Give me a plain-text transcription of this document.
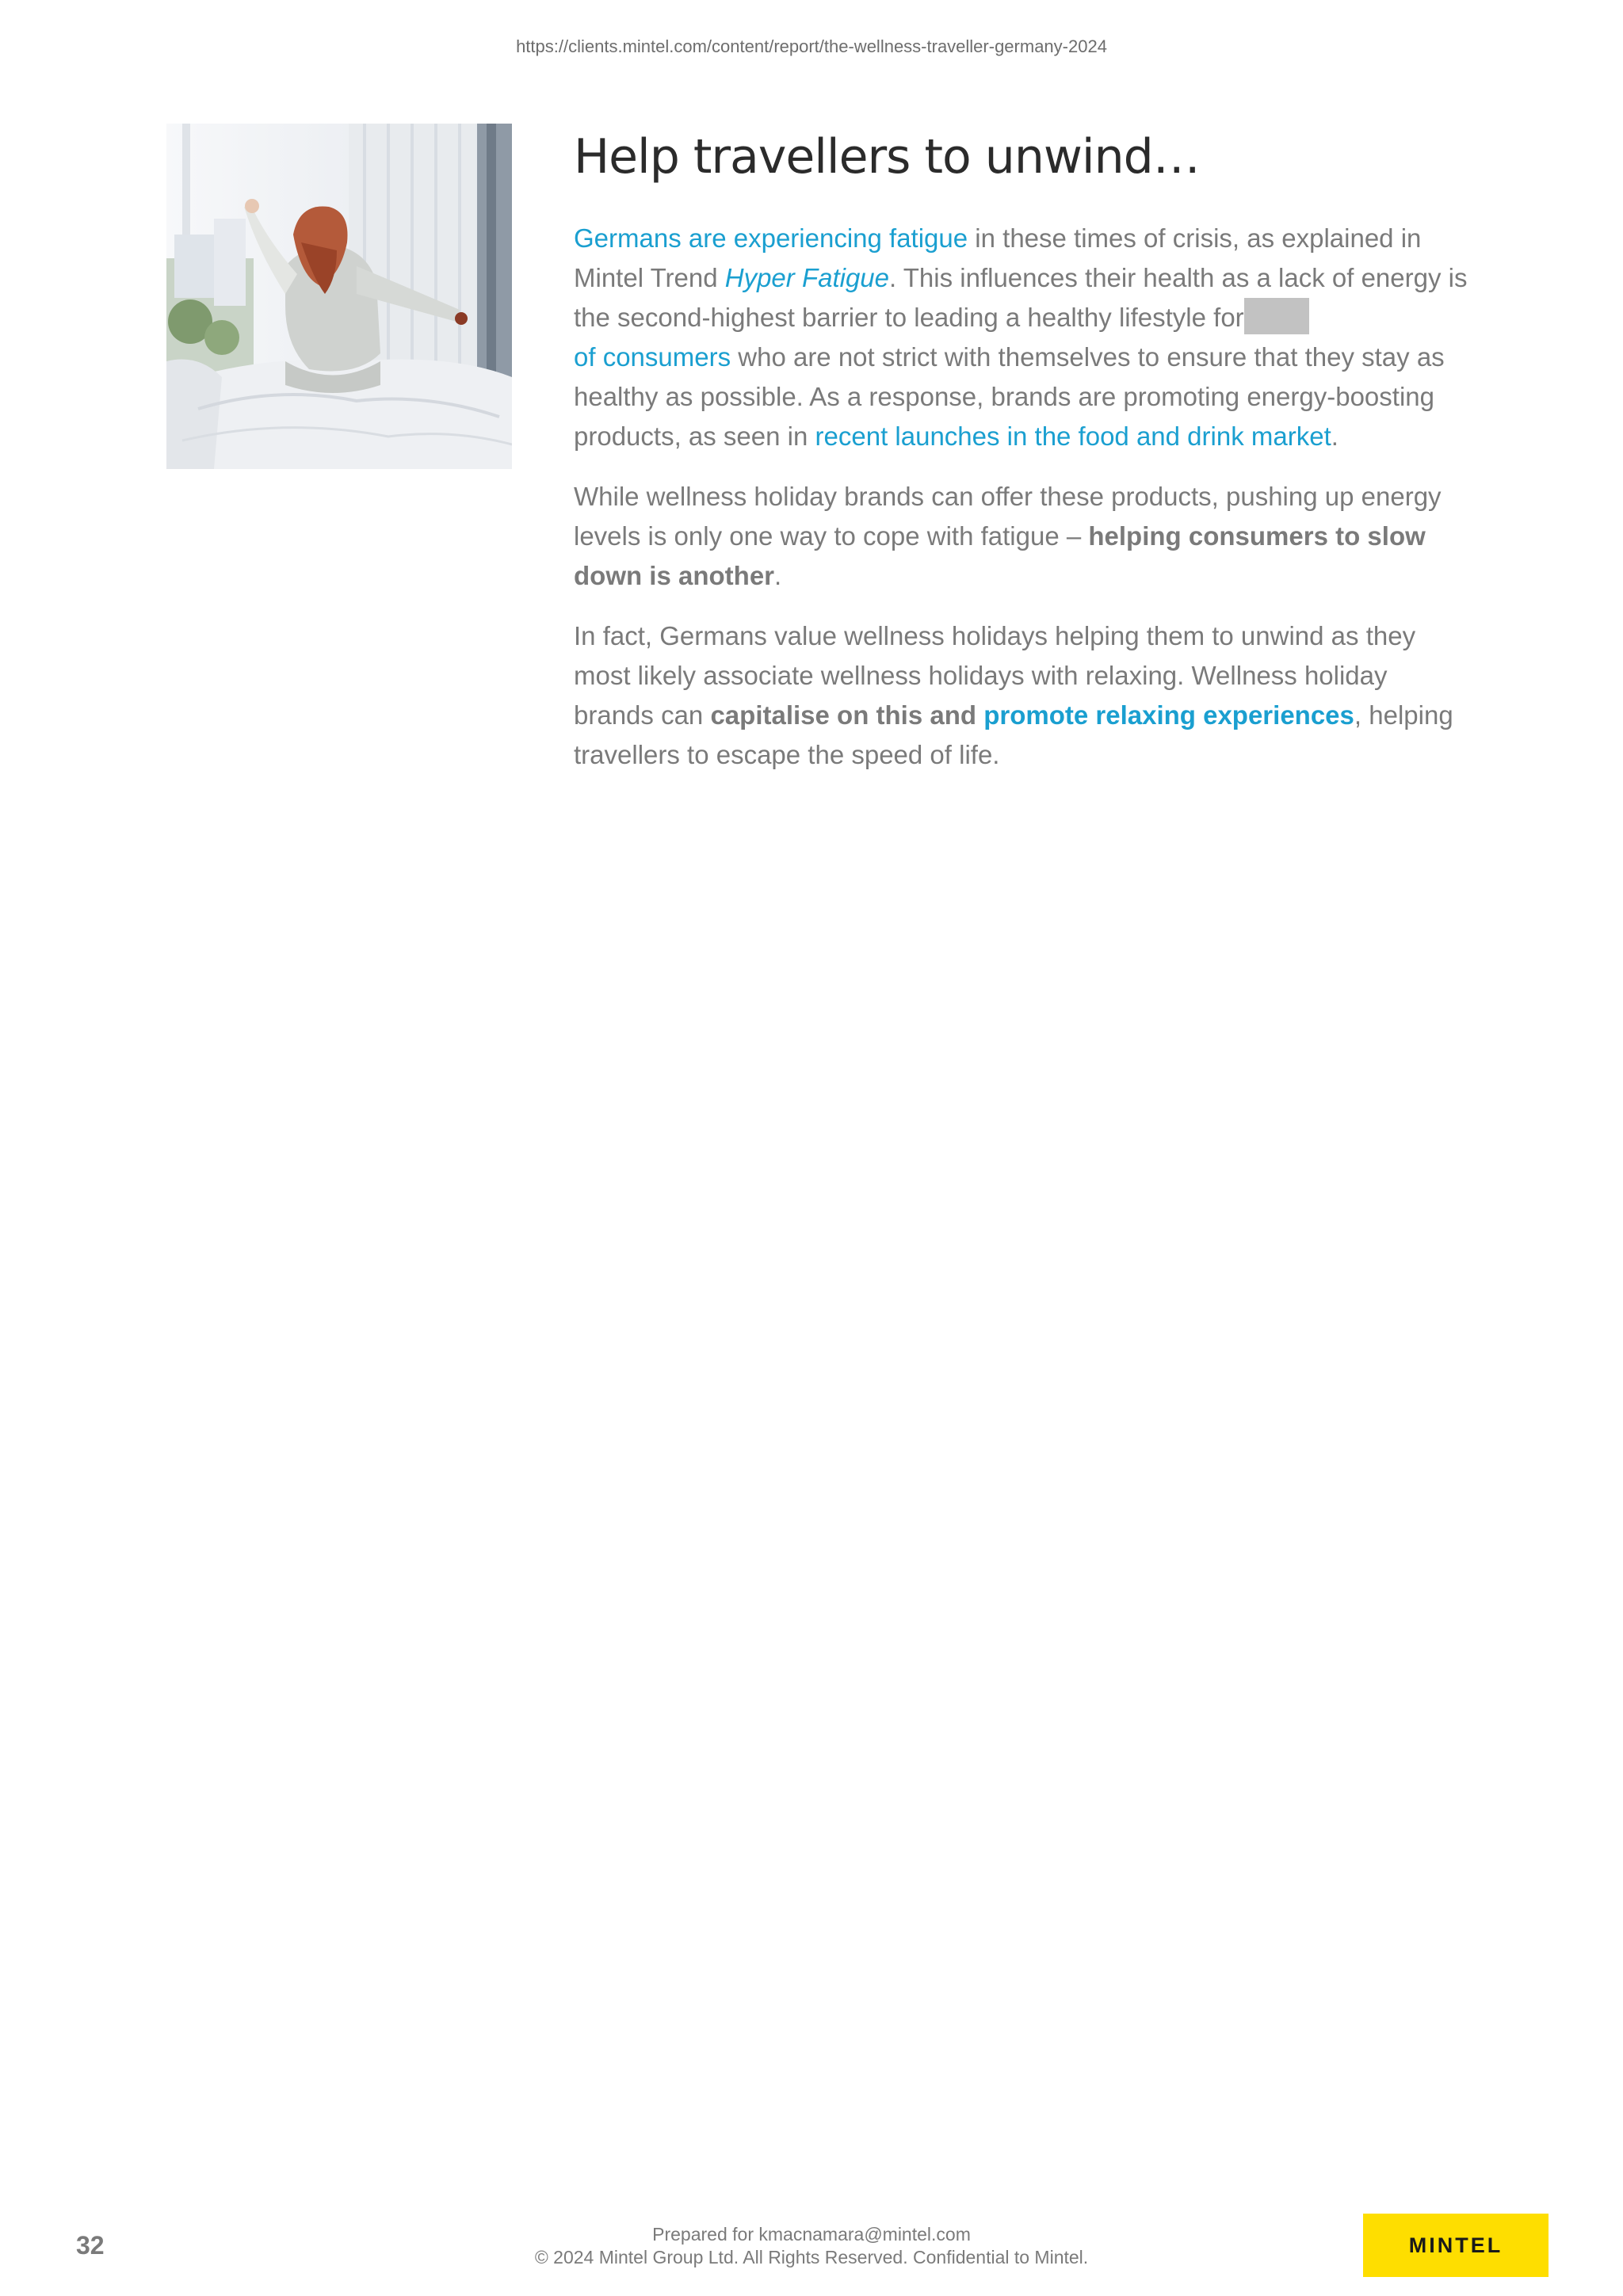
https://clients.mintel.com/content/report/the-wellness-traveller-germany-2024
Help travellers to unwind…

Germans are experiencing fatigue in these times of crisis, as explained in Mintel Trend Hyper Fatigue. This influences their health as a lack of energy is the second-highest barrier to leading a healthy lifestyle for
of consumers who are not strict with themselves to ensure that they stay as healthy as possible. As a response, brands are promoting energy-boosting products, as seen in recent launches in the food and drink market.

While wellness holiday brands can offer these products, pushing up energy levels is only one way to cope with fatigue – helping consumers to slow down is another.

In fact, Germans value wellness holidays helping them to unwind as they most likely associate wellness holidays with relaxing. Wellness holiday brands can capitalise on this and promote relaxing experiences, helping travellers to escape the speed of life.

32	Prepared for kmacnamara@mintel.com
© 2024 Mintel Group Ltd. All Rights Reserved. Confidential to Mintel.
MINTEL
